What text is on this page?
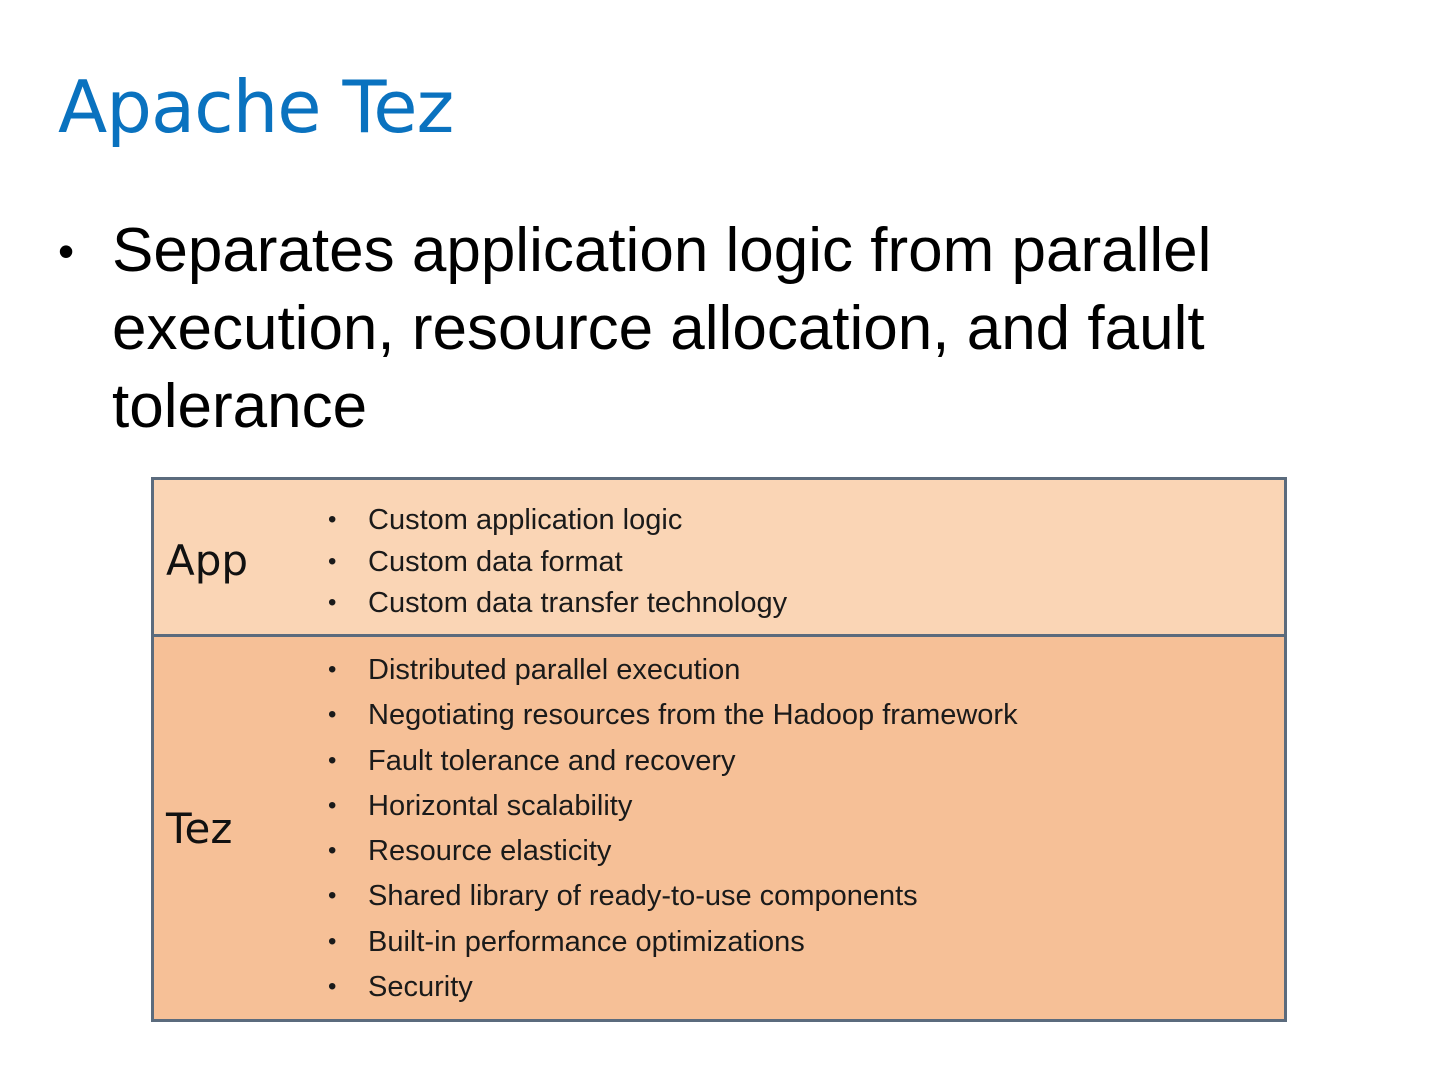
Apache Tez
• Separates application logic from parallel execution, resource allocation, and fault tolerance
App
• Custom application logic
• Custom data format
• Custom data transfer technology
Tez
• Distributed parallel execution
• Negotiating resources from the Hadoop framework
• Fault tolerance and recovery
• Horizontal scalability
• Resource elasticity
• Shared library of ready-to-use components
• Built-in performance optimizations
• Security
